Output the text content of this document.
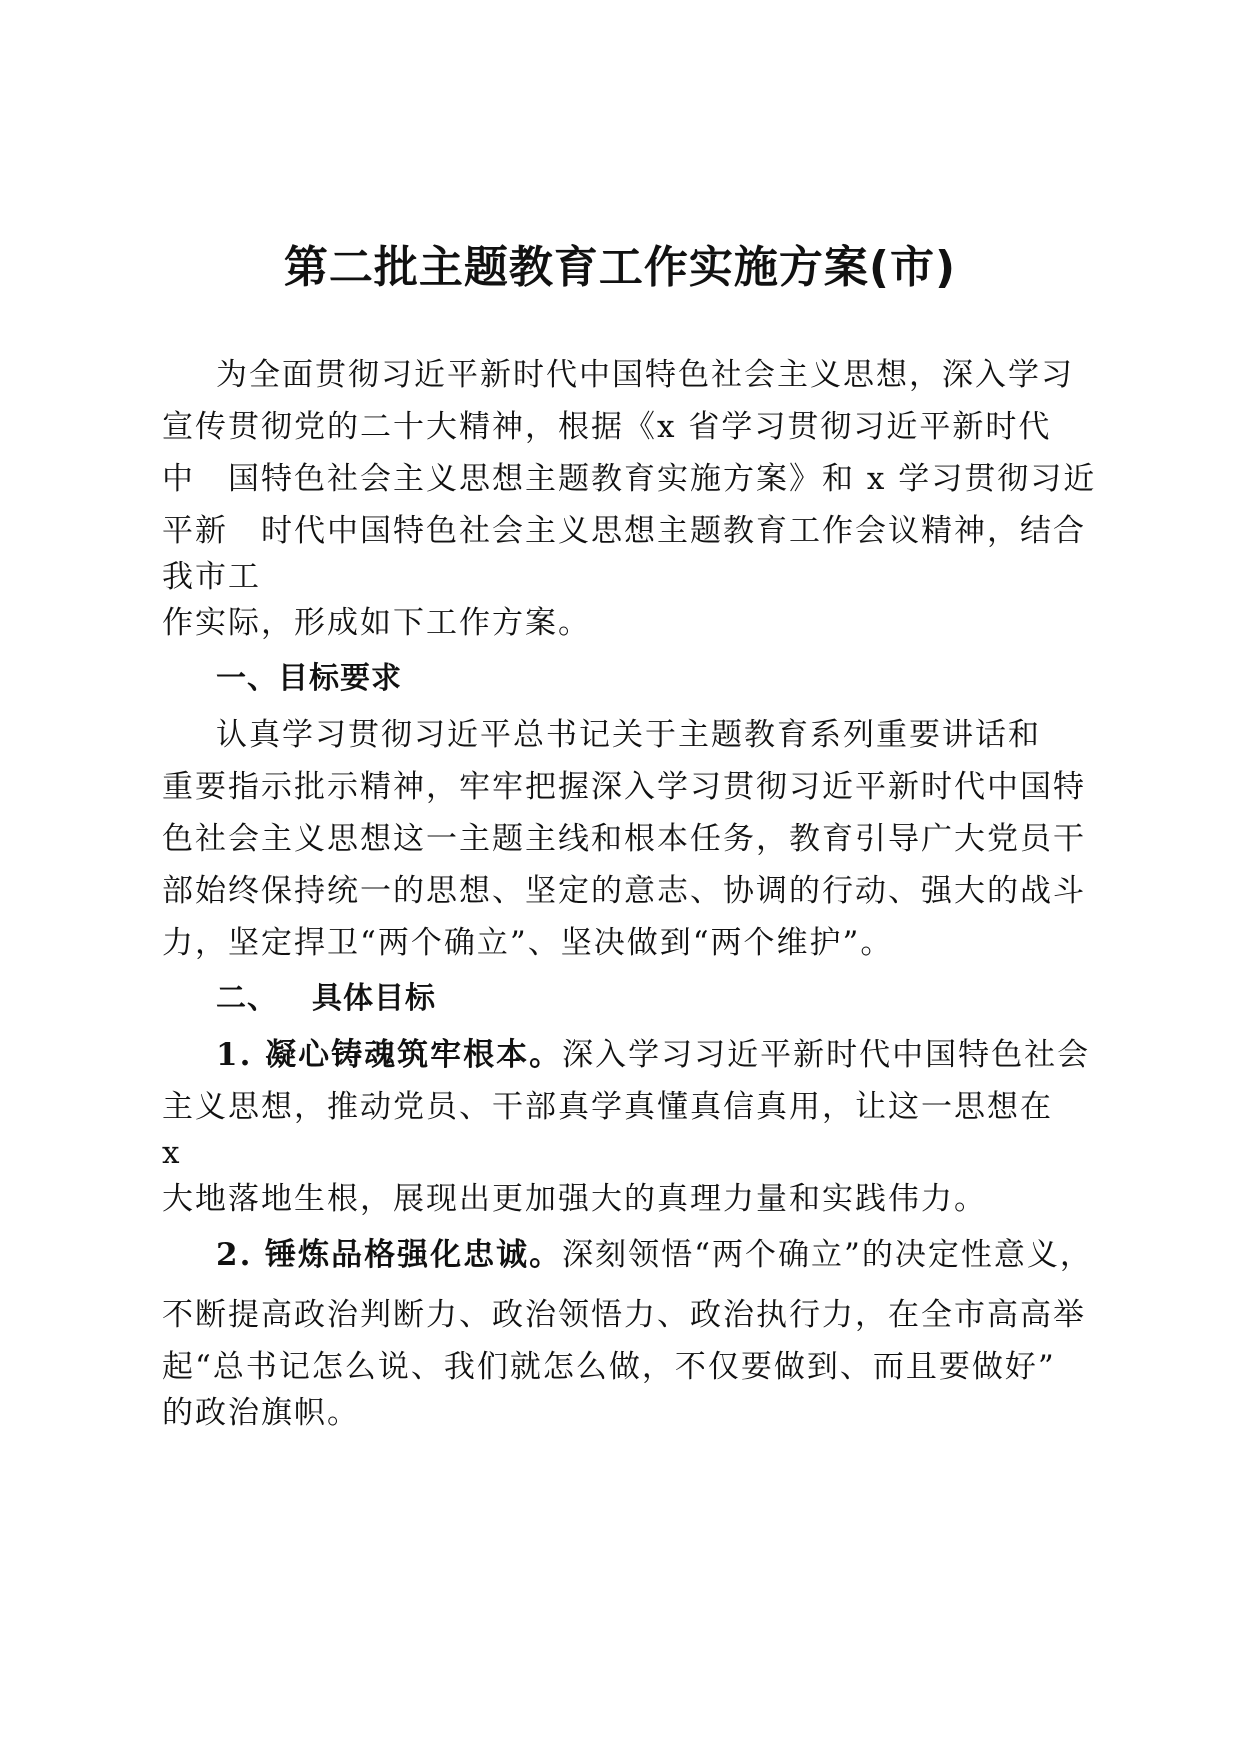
第二批主题教育工作实施方案(市)
为全面贯彻习近平新时代中国特色社会主义思想，深入学习
宣传贯彻党的二十大精神，根据《x 省学习贯彻习近平新时代
中　国特色社会主义思想主题教育实施方案》和 x 学习贯彻习近
平新　时代中国特色社会主义思想主题教育工作会议精神，结合
我市工
作实际，形成如下工作方案。
一、目标要求
认真学习贯彻习近平总书记关于主题教育系列重要讲话和
重要指示批示精神，牢牢把握深入学习贯彻习近平新时代中国特
色社会主义思想这一主题主线和根本任务，教育引导广大党员干
部始终保持统一的思想、坚定的意志、协调的行动、强大的战斗
力，坚定捍卫“两个确立”、坚决做到“两个维护”。
二、 具体目标
1. 凝心铸魂筑牢根本。深入学习习近平新时代中国特色社会
主义思想，推动党员、干部真学真懂真信真用，让这一思想在
x
大地落地生根，展现出更加强大的真理力量和实践伟力。
2. 锤炼品格强化忠诚。深刻领悟“两个确立”的决定性意义，
不断提高政治判断力、政治领悟力、政治执行力，在全市高高举
起“总书记怎么说、我们就怎么做，不仅要做到、而且要做好”
的政治旗帜。
